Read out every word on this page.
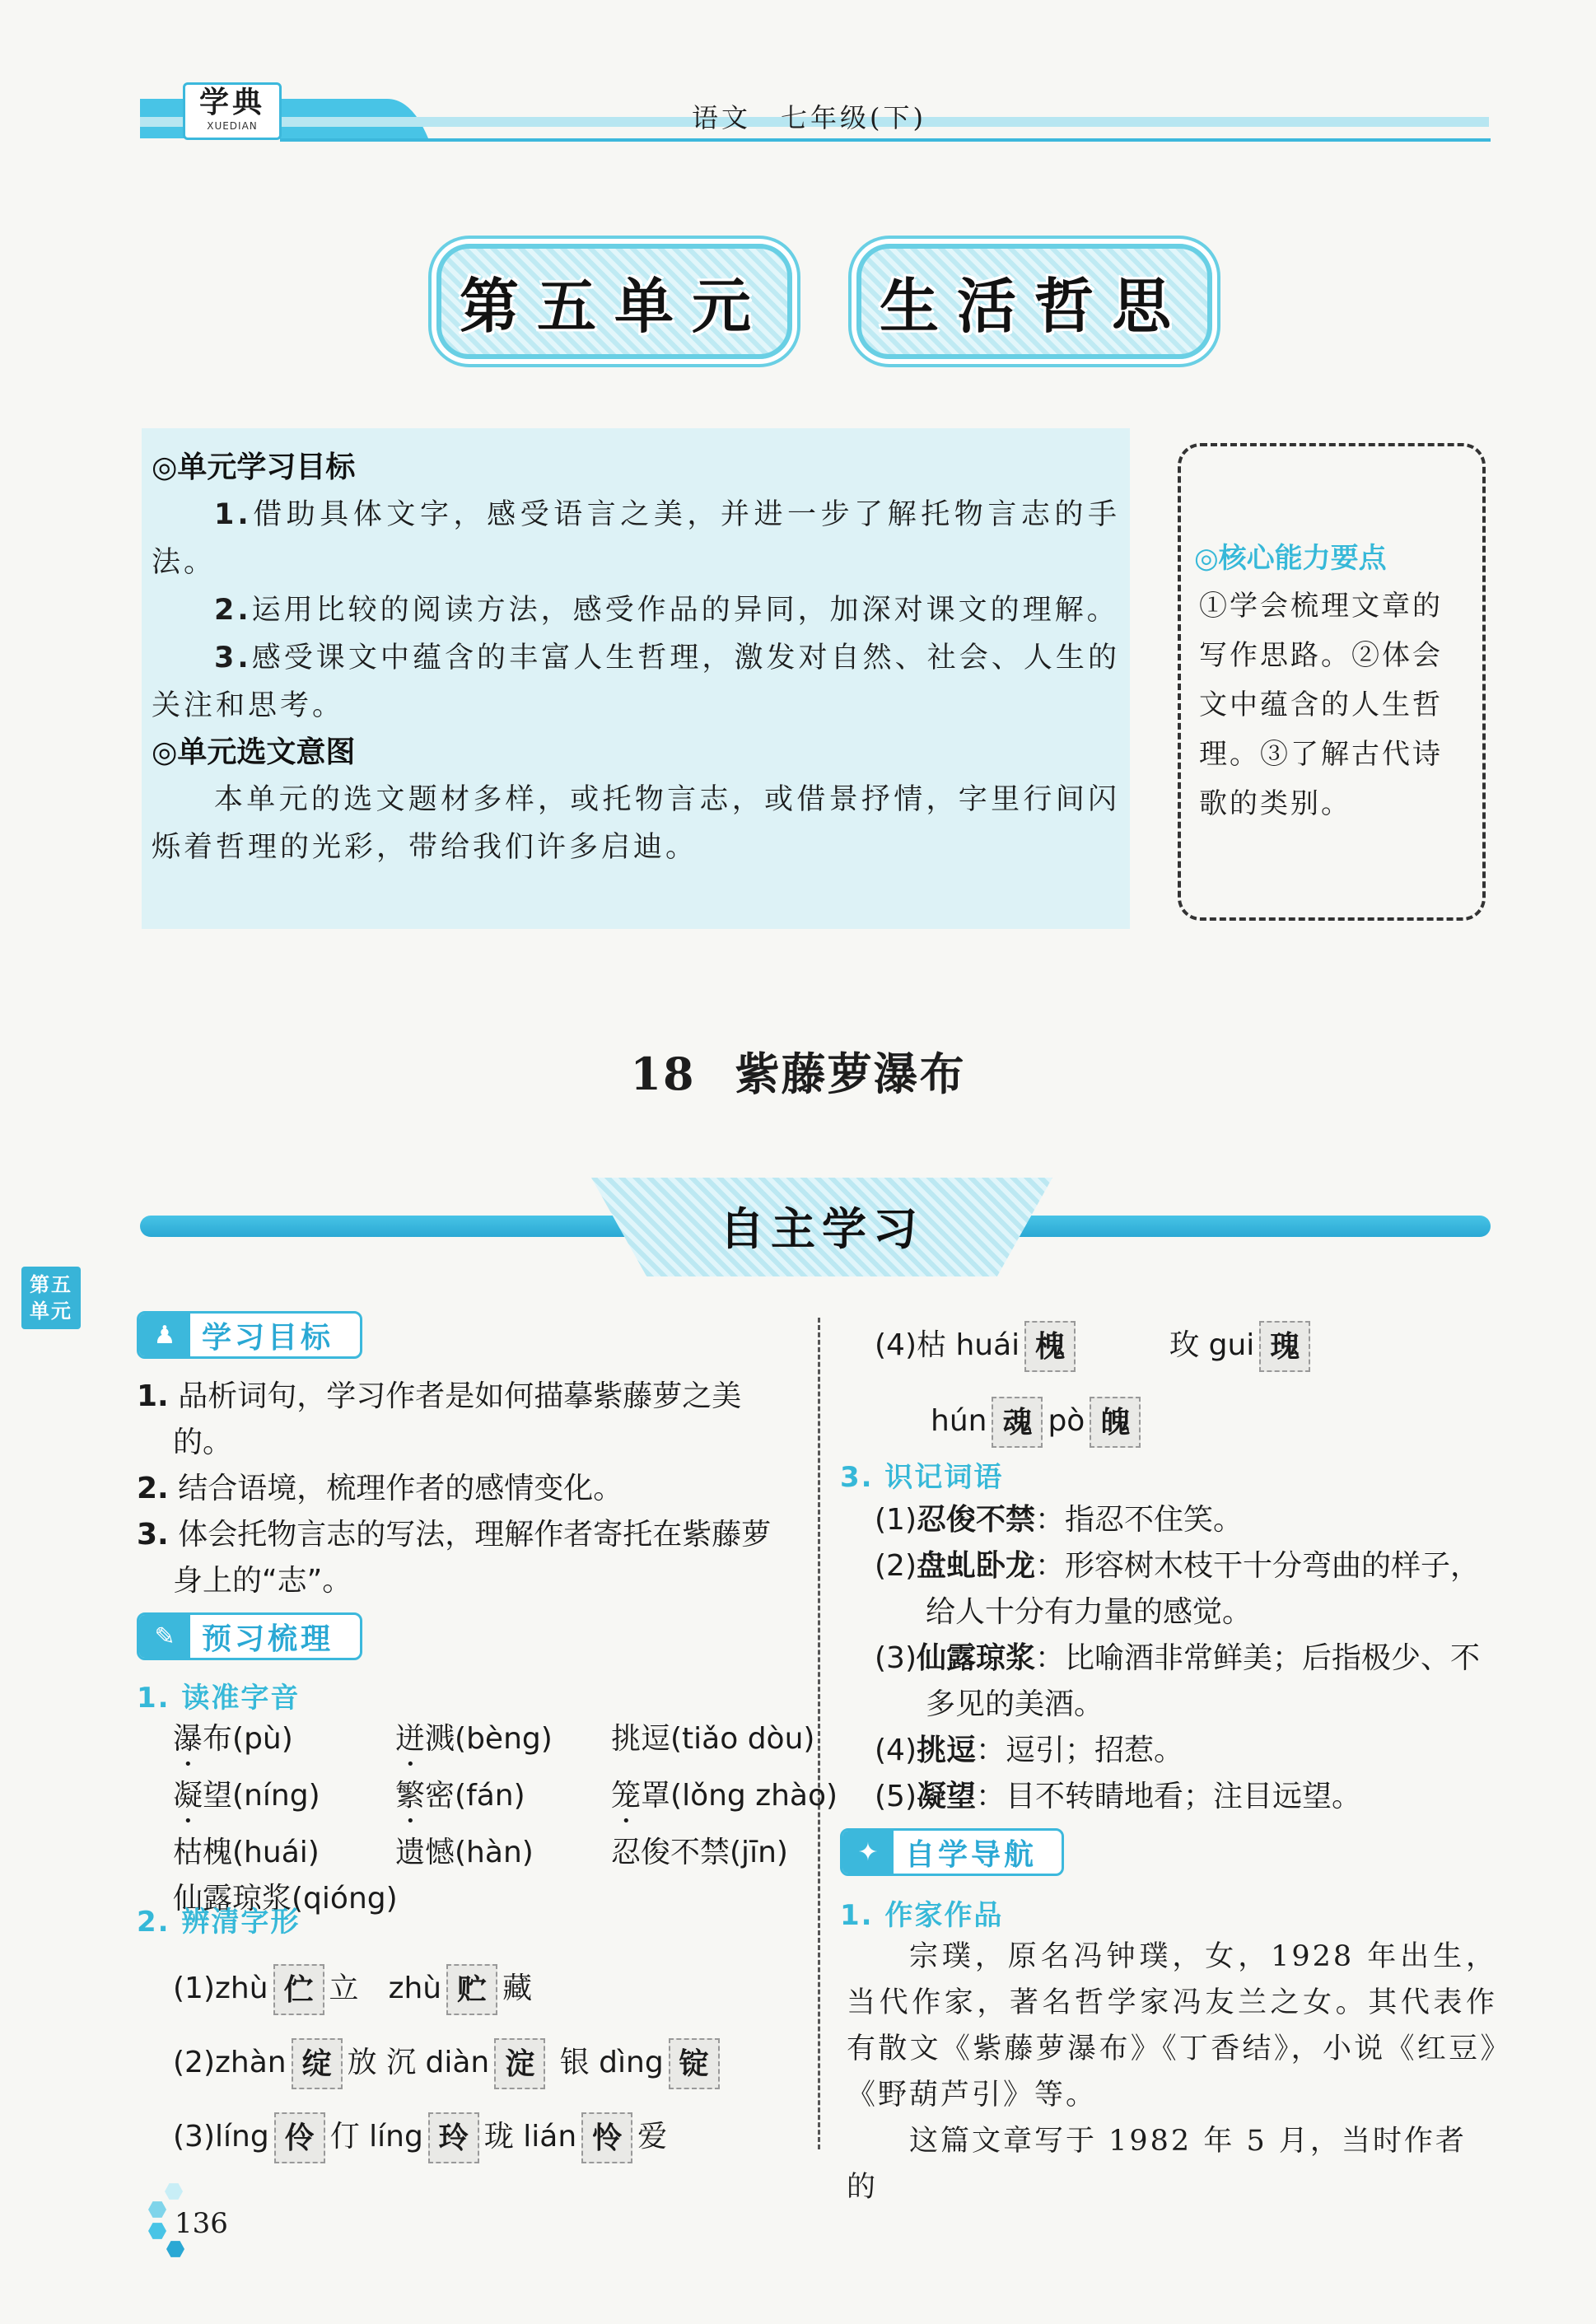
学典
XUEDIAN	语文　七年级(下)
第五单元 生活哲思
◎单元学习目标

1.借助具体文字，感受语言之美，并进一步了解托物言志的手法。

2.运用比较的阅读方法，感受作品的异同，加深对课文的理解。

3.感受课文中蕴含的丰富人生哲理，激发对自然、社会、人生的关注和思考。

◎单元选文意图

本单元的选文题材多样，或托物言志，或借景抒情，字里行间闪烁着哲理的光彩，带给我们许多启迪。

◎核心能力要点
①学会梳理文章的写作思路。②体会文中蕴含的人生哲理。③了解古代诗歌的类别。
18 紫藤萝瀑布
自主学习
第五
单元
♟ 学习目标
1. 品析词句，学习作者是如何描摹紫藤萝之美的。
2. 结合语境，梳理作者的感情变化。
3. 体会托物言志的写法，理解作者寄托在紫藤萝身上的“志”。
✎ 预习梳理
1. 读准字音
瀑布(pù)	迸溅(bèng)	挑逗(tiǎo dòu)
凝望(níng)	繁密(fán)	笼罩(lǒng zhào)
枯槐(huái)	遗憾(hàn)	忍俊不禁(jīn)
仙露琼浆(qióng)
2. 辨清字形
(1)zhù 伫 立　 zhù 贮 藏
(2)zhàn 绽 放 沉 diàn 淀 银 dìng 锭
(3)líng 伶 仃 líng 玲 珑 lián 怜 爱
(4)枯 huái 槐　　　	玫 gui 瑰
hún 魂 pò 魄
3. 识记词语
(1)忍俊不禁：指忍不住笑。
(2)盘虬卧龙：形容树木枝干十分弯曲的样子，给人十分有力量的感觉。
(3)仙露琼浆：比喻酒非常鲜美；后指极少、不多见的美酒。
(4)挑逗：逗引；招惹。
(5)凝望：目不转睛地看；注目远望。
✦ 自学导航
1. 作家作品
宗璞，原名冯钟璞，女，1928 年出生，当代作家，著名哲学家冯友兰之女。其代表作有散文《紫藤萝瀑布》《丁香结》，小说《红豆》《野葫芦引》等。
这篇文章写于 1982 年 5 月，当时作者的
136
